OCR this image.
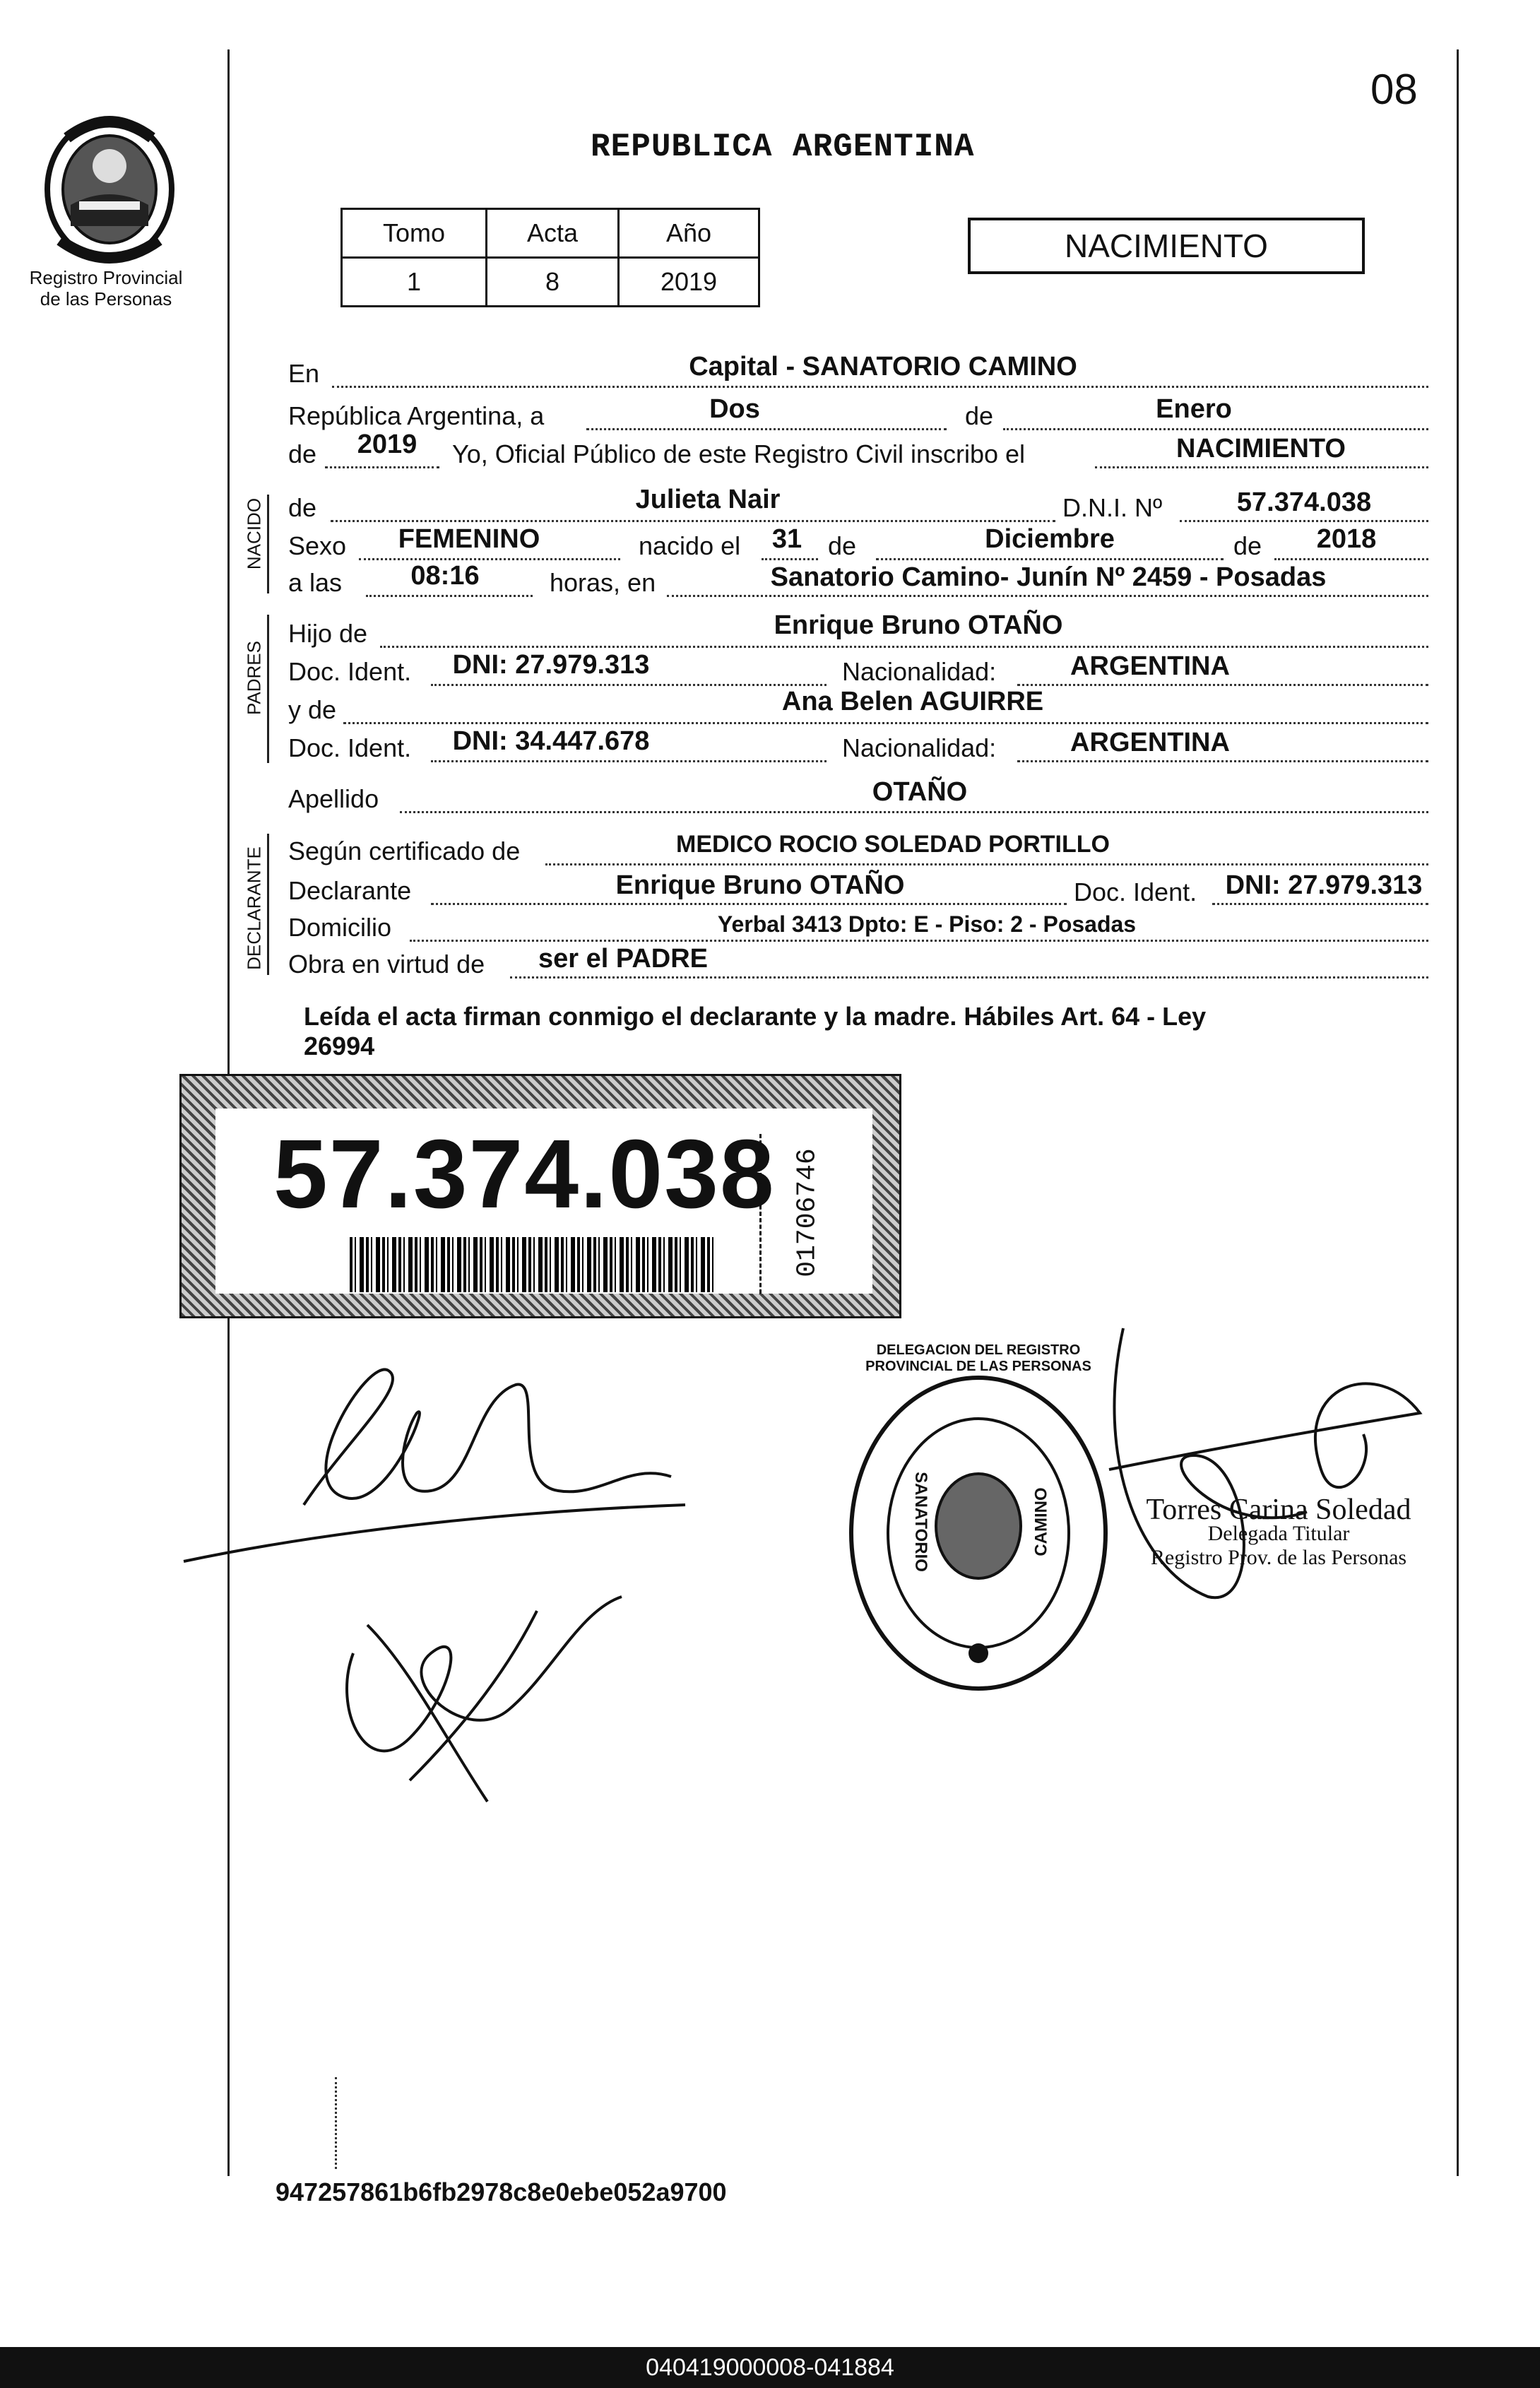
Registro Provincial
de las Personas
08
REPUBLICA ARGENTINA
Tomo	Acta	Año
1	8	2019
NACIMIENTO
En	Capital - SANATORIO CAMINO
República Argentina, a	Dos	de	Enero
de 2019 Yo, Oficial Público de este Registro Civil inscribo el	NACIMIENTO
NACIDO de	Julieta Nair	D.N.I. Nº	57.374.038
Sexo FEMENINO	nacido el 31 de	Diciembre	de 2018
a las	08:16	horas, en	Sanatorio Camino- Junín Nº 2459 - Posadas
PADRES
Hijo de	Enrique Bruno OTAÑO
Doc. Ident. DNI: 27.979.313	Nacionalidad:	ARGENTINA
y de	Ana Belen AGUIRRE
Doc. Ident. DNI: 34.447.678	Nacionalidad:	ARGENTINA
Apellido	OTAÑO
DECLARANTE Según certificado de	MEDICO ROCIO SOLEDAD PORTILLO
Declarante	Enrique Bruno OTAÑO	Doc. Ident. DNI: 27.979.313
Domicilio	Yerbal 3413 Dpto: E - Piso: 2 - Posadas
Obra en virtud de ser el PADRE
Leída el acta firman conmigo el declarante y la madre. Hábiles Art. 64 - Ley
26994
57.374.038 01706746
DELEGACION DEL REGISTRO PROVINCIAL DE LAS PERSONAS
SANATORIO	CAMINO	Torres Carina Soledad
Delegada Titular
Registro Prov. de las Personas
947257861b6fb2978c8e0ebe052a9700
040419000008-041884
